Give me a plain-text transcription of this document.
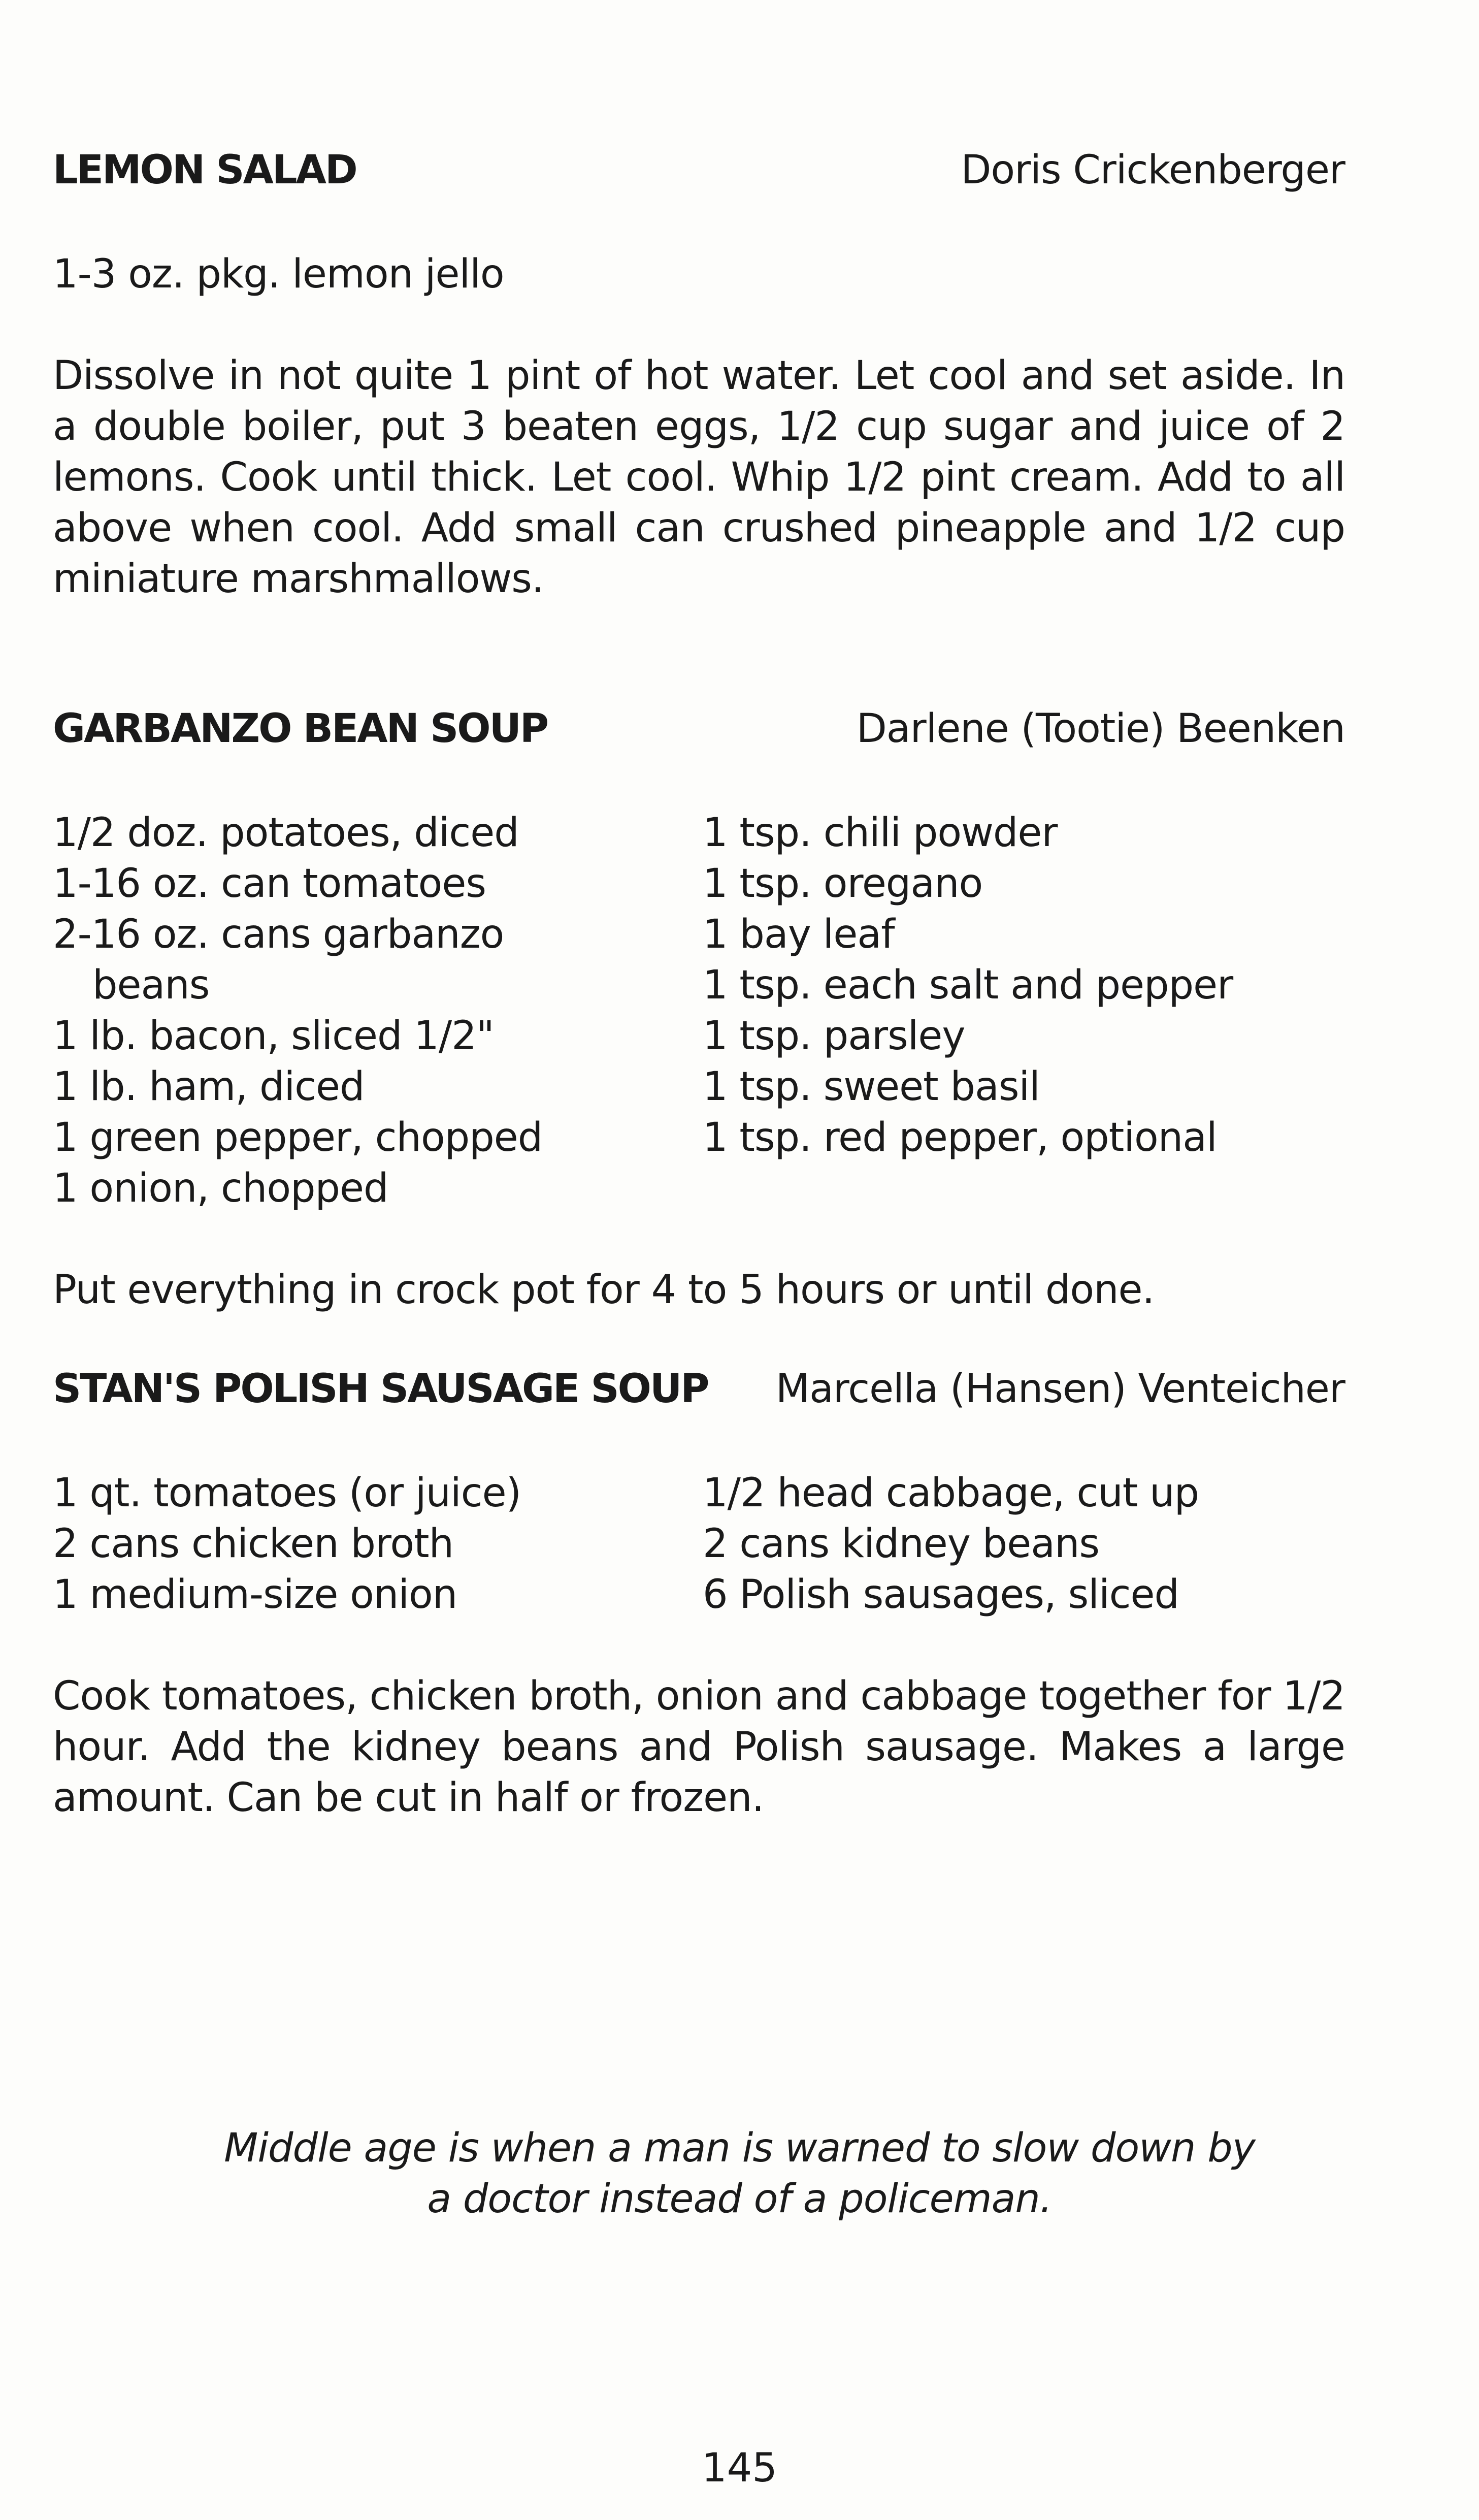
LEMON SALAD	Doris Crickenberger
1-3 oz. pkg. lemon jello

Dissolve in not quite 1 pint of hot water. Let cool and set aside. In a double boiler, put 3 beaten eggs, 1/2 cup sugar and juice of 2 lemons. Cook until thick. Let cool. Whip 1/2 pint cream. Add to all above when cool. Add small can crushed pineapple and 1/2 cup miniature marshmallows.

GARBANZO BEAN SOUP	Darlene (Tootie) Beenken
1/2 doz. potatoes, diced
1-16 oz. can tomatoes
2-16 oz. cans garbanzo
beans
1 lb. bacon, sliced 1/2"
1 lb. ham, diced
1 green pepper, chopped
1 onion, chopped
1 tsp. chili powder
1 tsp. oregano
1 bay leaf
1 tsp. each salt and pepper
1 tsp. parsley
1 tsp. sweet basil
1 tsp. red pepper, optional

Put everything in crock pot for 4 to 5 hours or until done.

STAN'S POLISH SAUSAGE SOUP Marcella (Hansen) Venteicher
1 qt. tomatoes (or juice)
2 cans chicken broth
1 medium-size onion
1/2 head cabbage, cut up
2 cans kidney beans
6 Polish sausages, sliced

Cook tomatoes, chicken broth, onion and cabbage together for 1/2 hour. Add the kidney beans and Polish sausage. Makes a large amount. Can be cut in half or frozen.

Middle age is when a man is warned to slow down by
a doctor instead of a policeman.
145
